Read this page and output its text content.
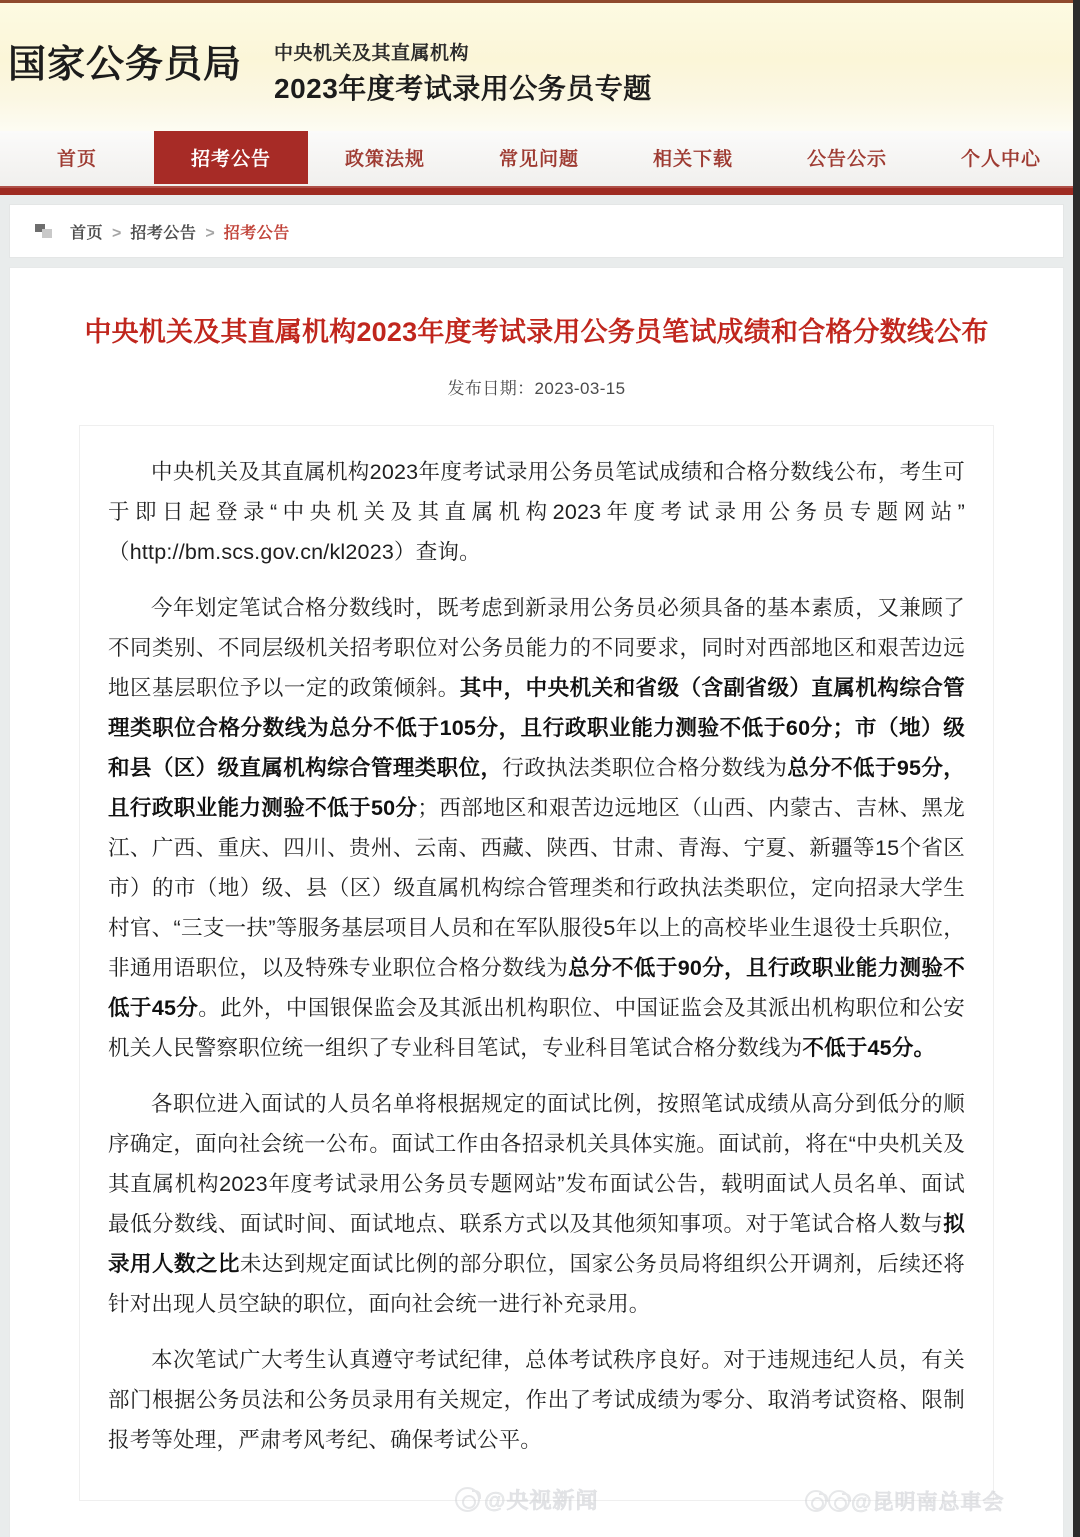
国家公务员局 中央机关及其直属机构
2023年度考试录用公务员专题
首页	招考公告	政策法规	常见问题	相关下载	公告公示	个人中心
首页 > 招考公告 > 招考公告
中央机关及其直属机构2023年度考试录用公务员笔试成绩和合格分数线公布
发布日期：2023-03-15

中央机关及其直属机构2023年度考试录用公务员笔试成绩和合格分数线公布，考生可于即日起登录“中央机关及其直属机构2023年度考试录用公务员专题网站”（http://bm.scs.gov.cn/kl2023）查询。

今年划定笔试合格分数线时，既考虑到新录用公务员必须具备的基本素质，又兼顾了不同类别、不同层级机关招考职位对公务员能力的不同要求，同时对西部地区和艰苦边远地区基层职位予以一定的政策倾斜。其中，中央机关和省级（含副省级）直属机构综合管理类职位合格分数线为总分不低于105分，且行政职业能力测验不低于60分；市（地）级和县（区）级直属机构综合管理类职位，行政执法类职位合格分数线为总分不低于95分，且行政职业能力测验不低于50分；西部地区和艰苦边远地区（山西、内蒙古、吉林、黑龙江、广西、重庆、四川、贵州、云南、西藏、陕西、甘肃、青海、宁夏、新疆等15个省区市）的市（地）级、县（区）级直属机构综合管理类和行政执法类职位，定向招录大学生村官、“三支一扶”等服务基层项目人员和在军队服役5年以上的高校毕业生退役士兵职位，非通用语职位，以及特殊专业职位合格分数线为总分不低于90分，且行政职业能力测验不低于45分。此外，中国银保监会及其派出机构职位、中国证监会及其派出机构职位和公安机关人民警察职位统一组织了专业科目笔试，专业科目笔试合格分数线为不低于45分。

各职位进入面试的人员名单将根据规定的面试比例，按照笔试成绩从高分到低分的顺序确定，面向社会统一公布。面试工作由各招录机关具体实施。面试前，将在“中央机关及其直属机构2023年度考试录用公务员专题网站”发布面试公告，载明面试人员名单、面试最低分数线、面试时间、面试地点、联系方式以及其他须知事项。对于笔试合格人数与拟录用人数之比未达到规定面试比例的部分职位，国家公务员局将组织公开调剂，后续还将针对出现人员空缺的职位，面向社会统一进行补充录用。

本次笔试广大考生认真遵守考试纪律，总体考试秩序良好。对于违规违纪人员，有关部门根据公务员法和公务员录用有关规定，作出了考试成绩为零分、取消考试资格、限制报考等处理，严肃考风考纪、确保考试公平。

@央视新闻	@昆明南总車会
